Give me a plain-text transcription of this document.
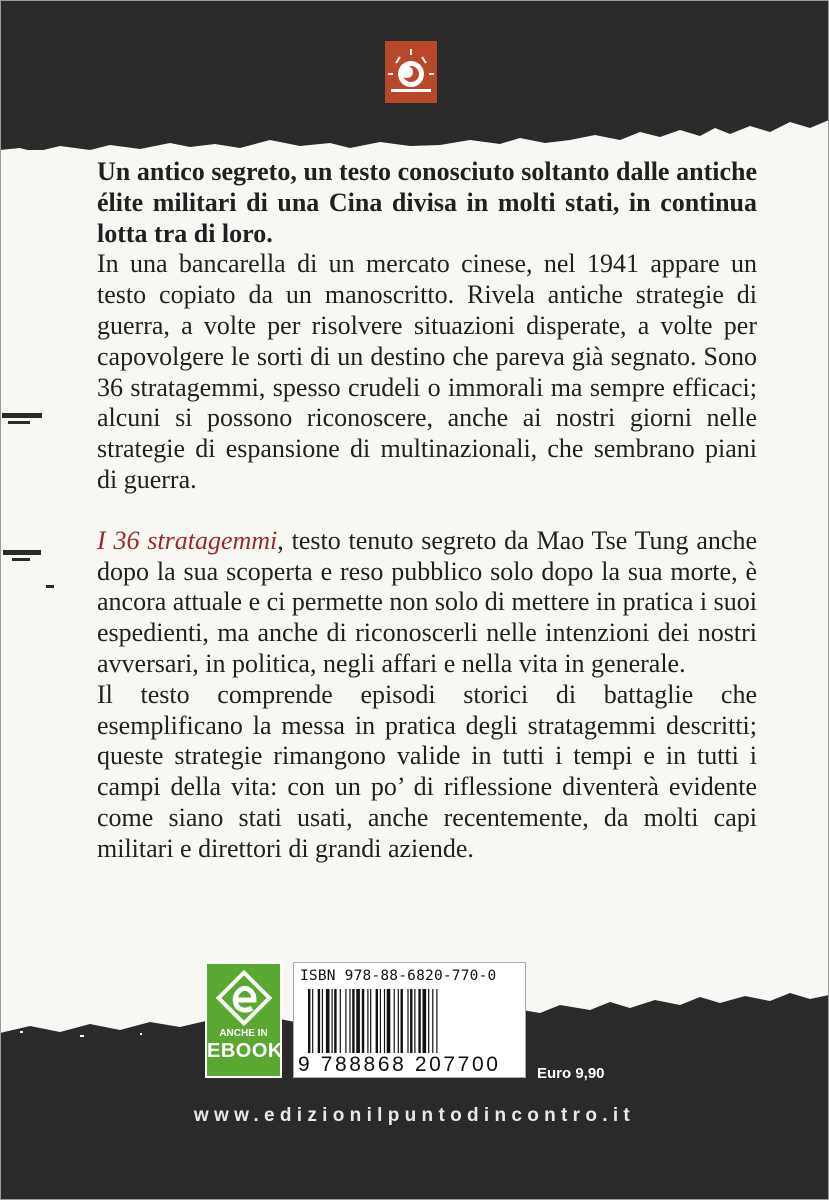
Un antico segreto, un testo conosciuto soltanto dalle antiche élite militari di una Cina divisa in molti stati, in continua lotta tra di loro.

In una bancarella di un mercato cinese, nel 1941 appare un testo copiato da un manoscritto. Rivela antiche strategie di guerra, a volte per risolvere situazioni disperate, a volte per capovolgere le sorti di un destino che pareva già segnato. Sono 36 stratagemmi, spesso crudeli o immorali ma sempre efficaci; alcuni si possono riconoscere, anche ai nostri giorni nelle strategie di espansione di multinazionali, che sembrano piani di guerra.

I 36 stratagemmi, testo tenuto segreto da Mao Tse Tung anche dopo la sua scoperta e reso pubblico solo dopo la sua morte, è ancora attuale e ci permette non solo di mettere in pratica i suoi espedienti, ma anche di riconoscerli nelle intenzioni dei nostri avversari, in politica, negli affari e nella vita in generale.

Il testo comprende episodi storici di battaglie che esemplificano la messa in pratica degli stratagemmi descritti; queste strategie rimangono valide in tutti i tempi e in tutti i campi della vita: con un po’ di riflessione diventerà evidente come siano stati usati, anche recentemente, da molti capi militari e direttori di grandi aziende.

ANCHE IN
EBOOK
ISBN 978-88-6820-770-0
9 788868 207700 Euro 9,90
www.edizionilpuntodincontro.it
